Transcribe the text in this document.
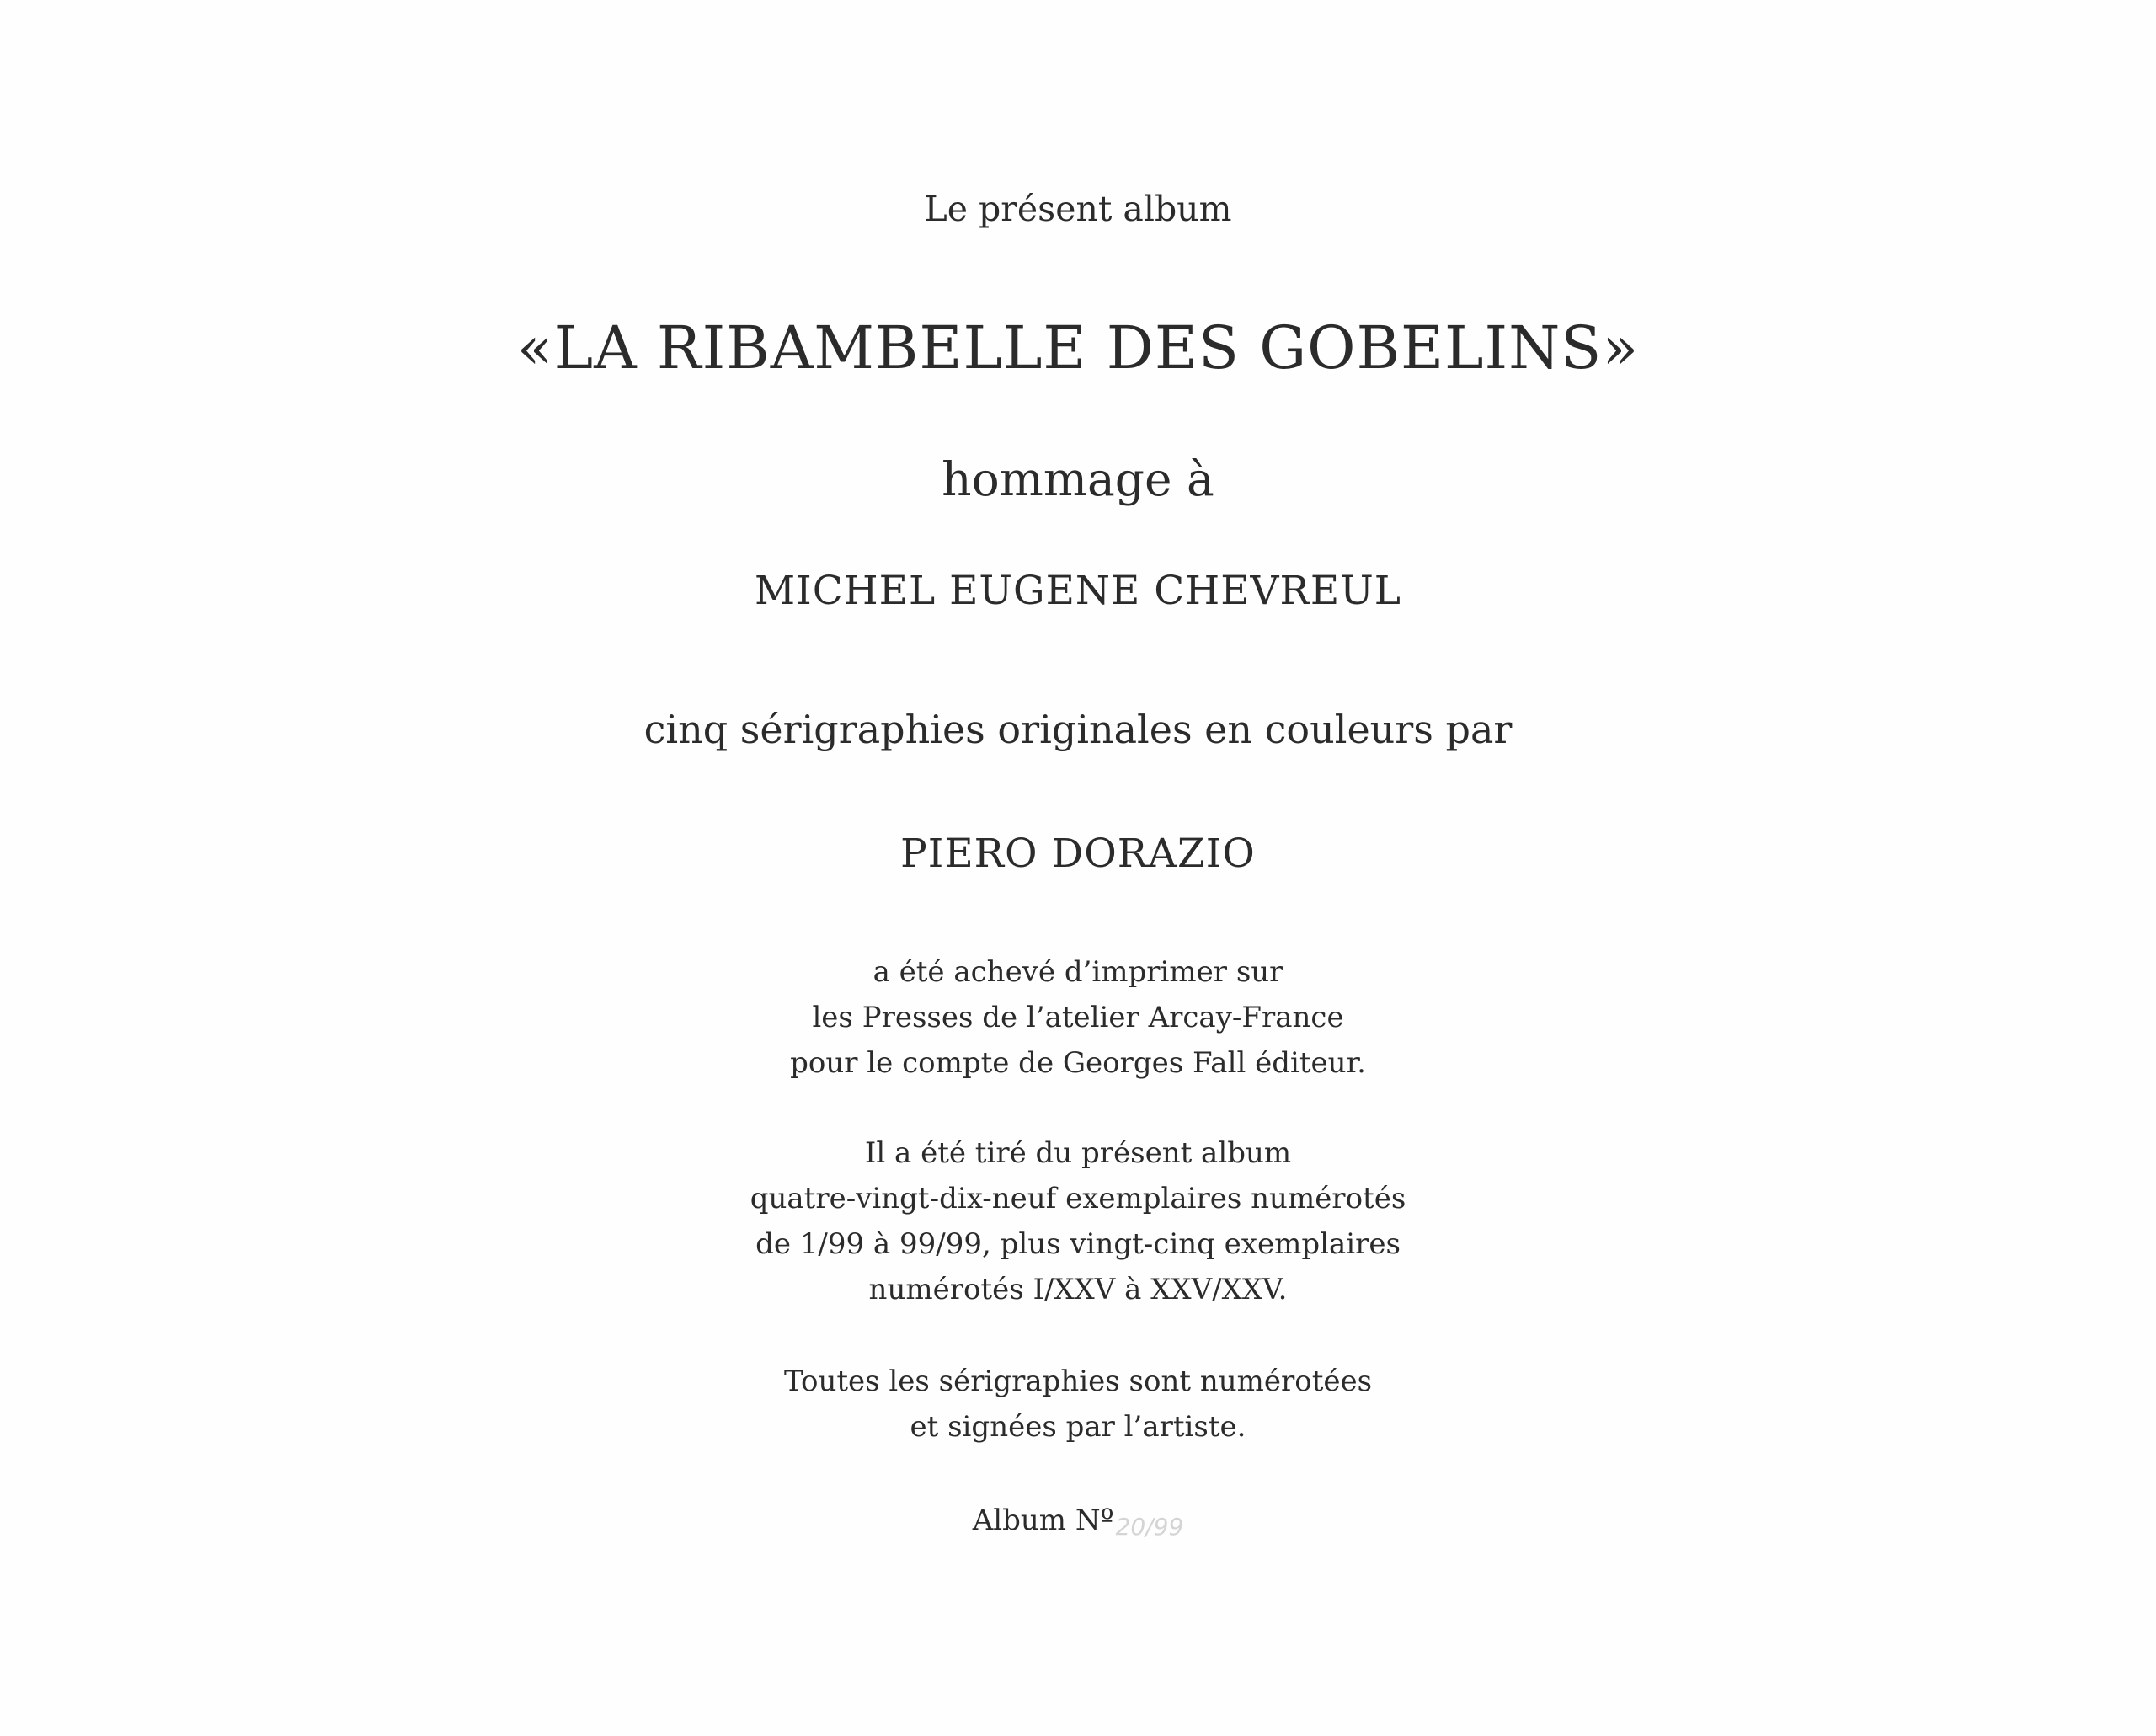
Le présent album
«LA RIBAMBELLE DES GOBELINS»
hommage à
MICHEL EUGENE CHEVREUL
cinq sérigraphies originales en couleurs par
PIERO DORAZIO
a été achevé d’imprimer sur
les Presses de l’atelier Arcay-France
pour le compte de Georges Fall éditeur.
Il a été tiré du présent album
quatre-vingt-dix-neuf exemplaires numérotés
de 1/99 à 99/99, plus vingt-cinq exemplaires
numérotés I/XXV à XXV/XXV.
Toutes les sérigraphies sont numérotées
et signées par l’artiste.
Album Nº20/99
